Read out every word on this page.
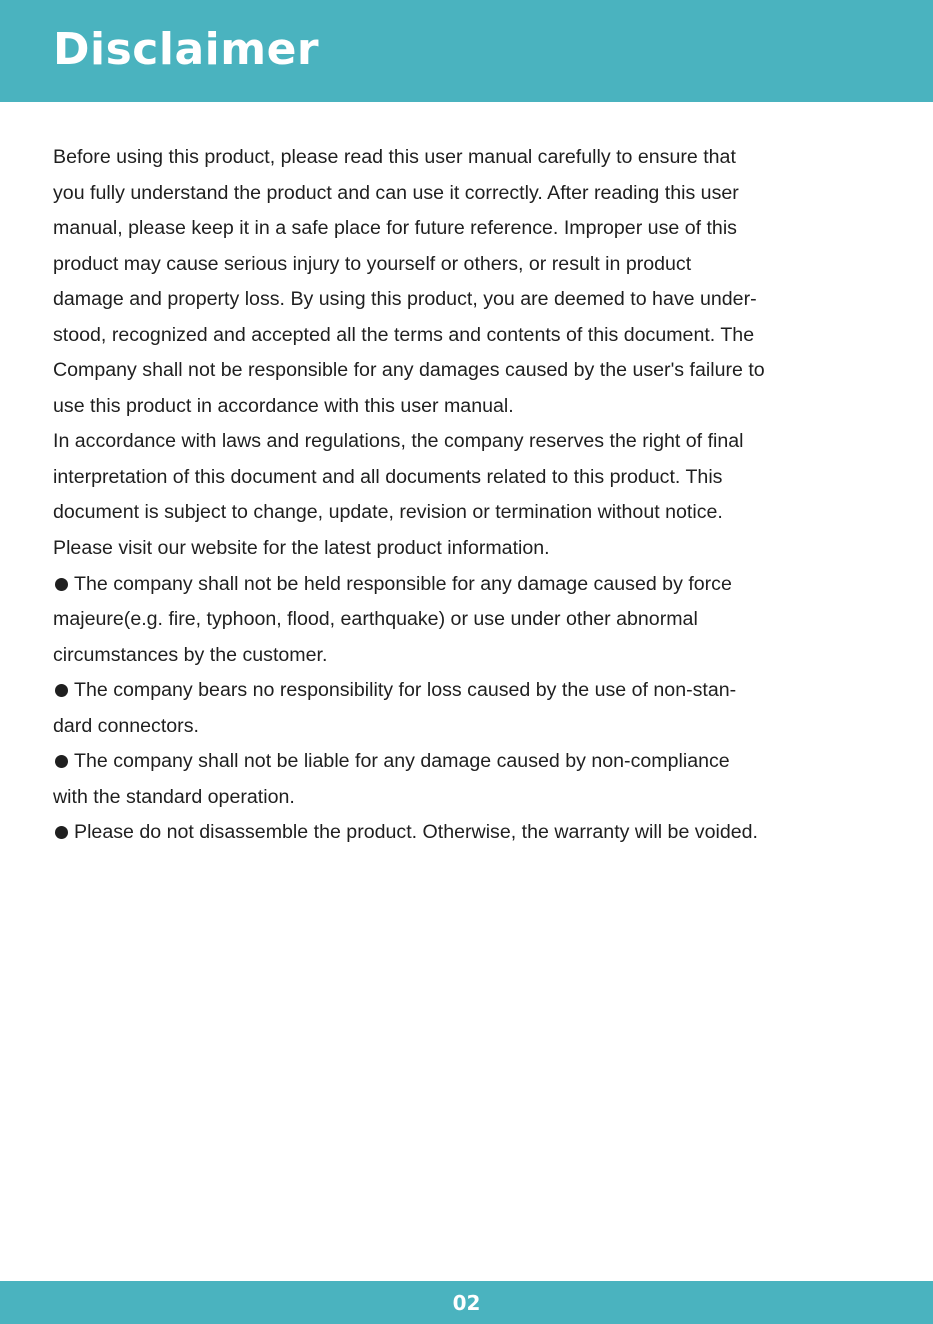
Disclaimer
Before using this product, please read this user manual carefully to ensure that
you fully understand the product and can use it correctly. After reading this user
manual, please keep it in a safe place for future reference. Improper use of this
product may cause serious injury to yourself or others, or result in product
damage and property loss. By using this product, you are deemed to have under-
stood, recognized and accepted all the terms and contents of this document. The
Company shall not be responsible for any damages caused by the user's failure to
use this product in accordance with this user manual.
In accordance with laws and regulations, the company reserves the right of final
interpretation of this document and all documents related to this product. This
document is subject to change, update, revision or termination without notice.
Please visit our website for the latest product information.
The company shall not be held responsible for any damage caused by force
majeure(e.g. fire, typhoon, flood, earthquake) or use under other abnormal
circumstances by the customer.
The company bears no responsibility for loss caused by the use of non-stan-
dard connectors.
The company shall not be liable for any damage caused by non-compliance
with the standard operation.
Please do not disassemble the product. Otherwise, the warranty will be voided.
02
